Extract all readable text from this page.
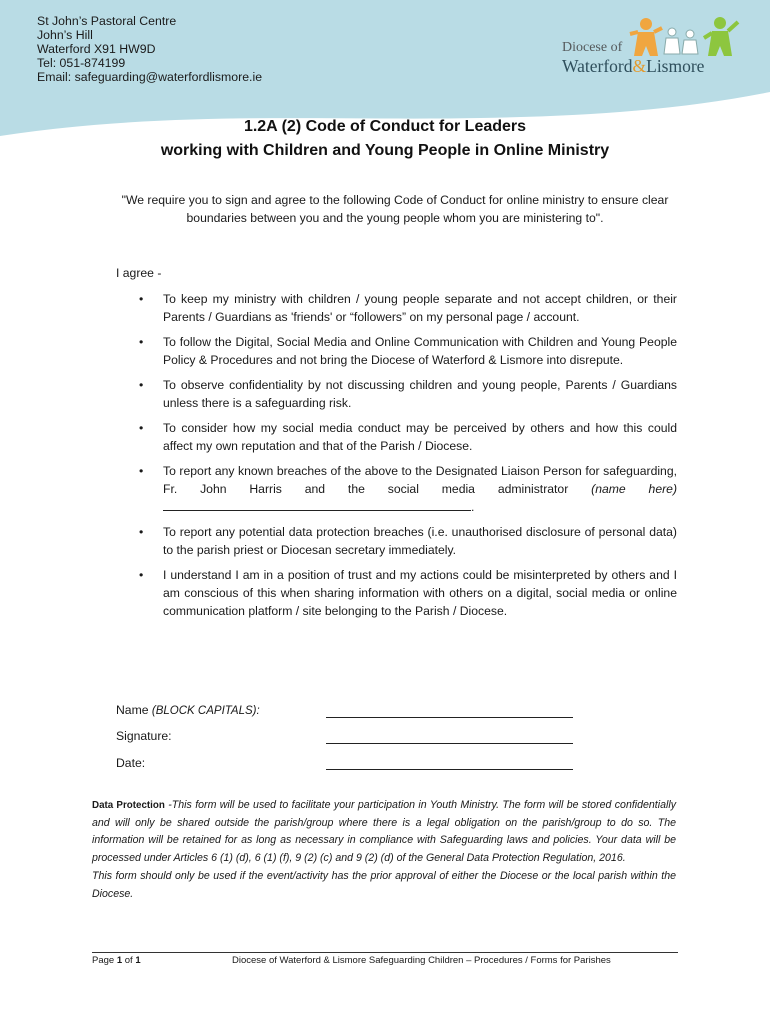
St John’s Pastoral Centre
John’s Hill
Waterford X91 HW9D
Tel: 051-874199
Email: safeguarding@waterfordlismore.ie
Diocese of
Waterford&Lismore
1.2A (2) Code of Conduct for Leaders
working with Children and Young People in Online Ministry
"We require you to sign and agree to the following Code of Conduct for online ministry to ensure clear boundaries between you and the young people whom you are ministering to".
I agree -
• To keep my ministry with children / young people separate and not accept children, or their Parents / Guardians as 'friends' or “followers” on my personal page / account.
• To follow the Digital, Social Media and Online Communication with Children and Young People Policy & Procedures and not bring the Diocese of Waterford & Lismore into disrepute.
• To observe confidentiality by not discussing children and young people, Parents / Guardians unless there is a safeguarding risk.
• To consider how my social media conduct may be perceived by others and how this could affect my own reputation and that of the Parish / Diocese.
• To report any known breaches of the above to the Designated Liaison Person for safeguarding, Fr. John Harris and the social media administrator (name here).
• To report any potential data protection breaches (i.e. unauthorised disclosure of personal data) to the parish priest or Diocesan secretary immediately.
• I understand I am in a position of trust and my actions could be misinterpreted by others and I am conscious of this when sharing information with others on a digital, social media or online communication platform / site belonging to the Parish / Diocese.
Name (BLOCK CAPITALS):
Signature:
Date:
Data Protection -This form will be used to facilitate your participation in Youth Ministry. The form will be stored confidentially and will only be shared outside the parish/group where there is a legal obligation on the parish/group to do so. The information will be retained for as long as necessary in compliance with Safeguarding laws and policies. Your data will be processed under Articles 6 (1) (d), 6 (1) (f), 9 (2) (c) and 9 (2) (d) of the General Data Protection Regulation, 2016.
This form should only be used if the event/activity has the prior approval of either the Diocese or the local parish within the Diocese.
Page 1 of 1	Diocese of Waterford & Lismore Safeguarding Children – Procedures / Forms for Parishes
